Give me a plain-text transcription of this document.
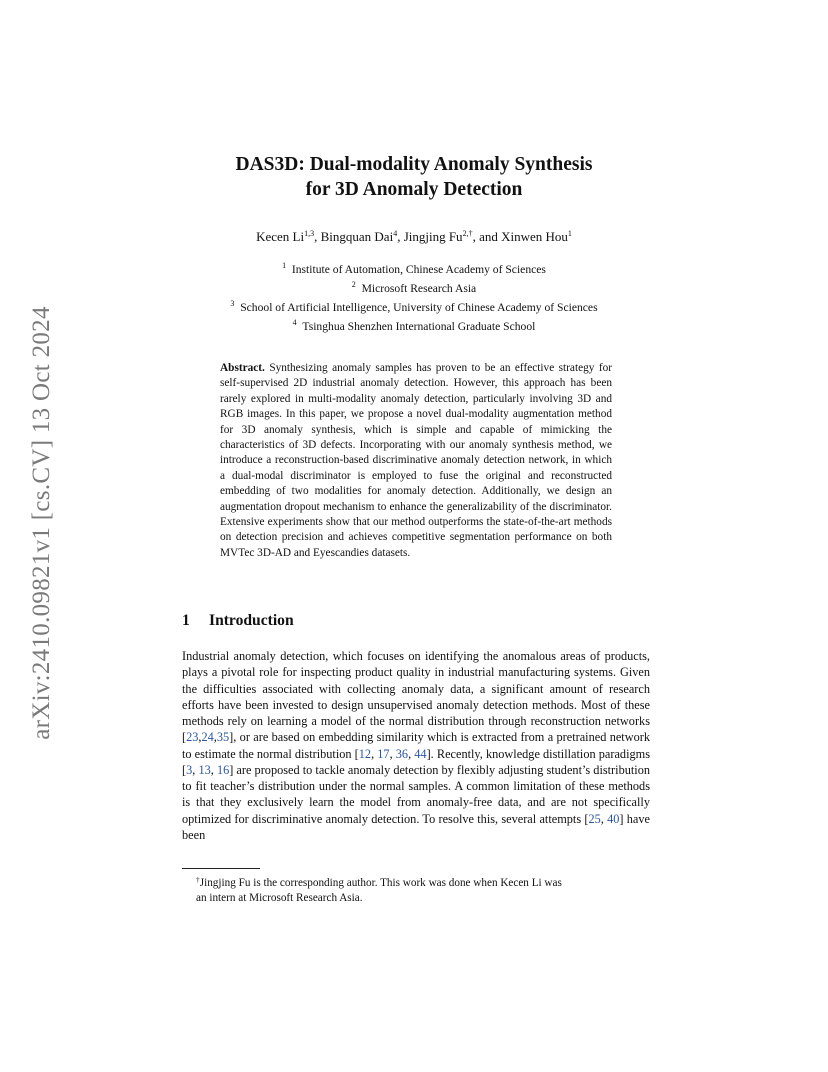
arXiv:2410.09821v1 [cs.CV] 13 Oct 2024
DAS3D: Dual-modality Anomaly Synthesis
for 3D Anomaly Detection
Kecen Li$^{1,3}$, Bingquan Dai$^4$, Jingjing $Fu^{2,\dagger}$, and Xinwen Hou$^1$
$^1$  Institute of Automation, Chinese Academy of Sciences
$^2$  Microsoft Research Asia
$^3$  School of Artificial Intelligence, University of Chinese Academy of Sciences
$^4$  Tsinghua Shenzhen International Graduate School
Abstract. Synthesizing anomaly samples has proven to be an effective strategy for self-supervised 2D industrial anomaly detection. However, this approach has been rarely explored in multi-modality anomaly detection, particularly involving 3D and RGB images. In this paper, we propose a novel dual-modality augmentation method for 3D anomaly synthesis, which is simple and capable of mimicking the characteristics of 3D defects. Incorporating with our anomaly synthesis method, we introduce a reconstruction-based discriminative anomaly detection network, in which a dual-modal discriminator is employed to fuse the original and reconstructed embedding of two modalities for anomaly detection. Additionally, we design an augmentation dropout mechanism to enhance the generalizability of the discriminator. Extensive experiments show that our method outperforms the state-of-the-art methods on detection precision and achieves competitive segmentation performance on both MVTec 3D-AD and Eyescandies datasets.
1 Introduction
Industrial anomaly detection, which focuses on identifying the anomalous areas of products, plays a pivotal role for inspecting product quality in industrial manufacturing systems. Given the difficulties associated with collecting anomaly data, a significant amount of research efforts have been invested to design unsupervised anomaly detection methods. Most of these methods rely on learning a model of the normal distribution through reconstruction networks [23,24,35], or are based on embedding similarity which is extracted from a pretrained network to estimate the normal distribution [12, 17, 36, 44]. Recently, knowledge distillation paradigms [3, 13, 16] are proposed to tackle anomaly detection by flexibly adjusting student’s distribution to fit teacher’s distribution under the normal samples. A common limitation of these methods is that they exclusively learn the model from anomaly-free data, and are not specifically optimized for discriminative anomaly detection. To resolve this, several attempts [25, 40] have been
†Jingjing Fu is the corresponding author. This work was done when Kecen Li was
an intern at Microsoft Research Asia.
